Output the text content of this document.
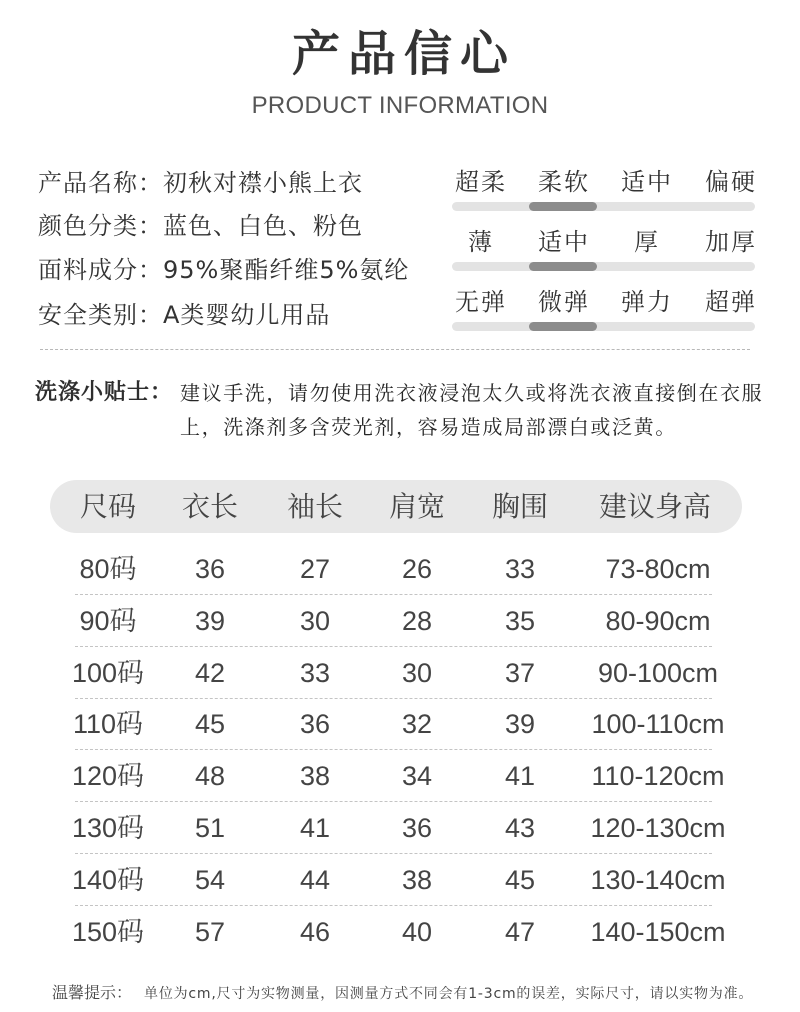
产品信心
PRODUCT INFORMATION
产品名称：初秋对襟小熊上衣
颜色分类：蓝色、白色、粉色
面料成分：95%聚酯纤维5%氨纶
安全类别：A类婴幼儿用品
超柔	柔软	适中	偏硬
薄	适中	厚	加厚
无弹	微弹	弹力	超弹
洗涤小贴士： 建议手洗，请勿使用洗衣液浸泡太久或将洗衣液直接倒在衣服
上，洗涤剂多含荧光剂，容易造成局部漂白或泛黄。
尺码	衣长	袖长	肩宽	胸围	建议身高
80码	36	27	26	33	73-80cm
90码	39	30	28	35	80-90cm
100码	42	33	30	37	90-100cm
110码	45	36	32	39	100-110cm
120码	48	38	34	41	110-120cm
130码	51	41	36	43	120-130cm
140码	54	44	38	45	130-140cm
150码	57	46	40	47	140-150cm
温馨提示： 单位为cm,尺寸为实物测量，因测量方式不同会有1-3cm的误差，实际尺寸，请以实物为准。
